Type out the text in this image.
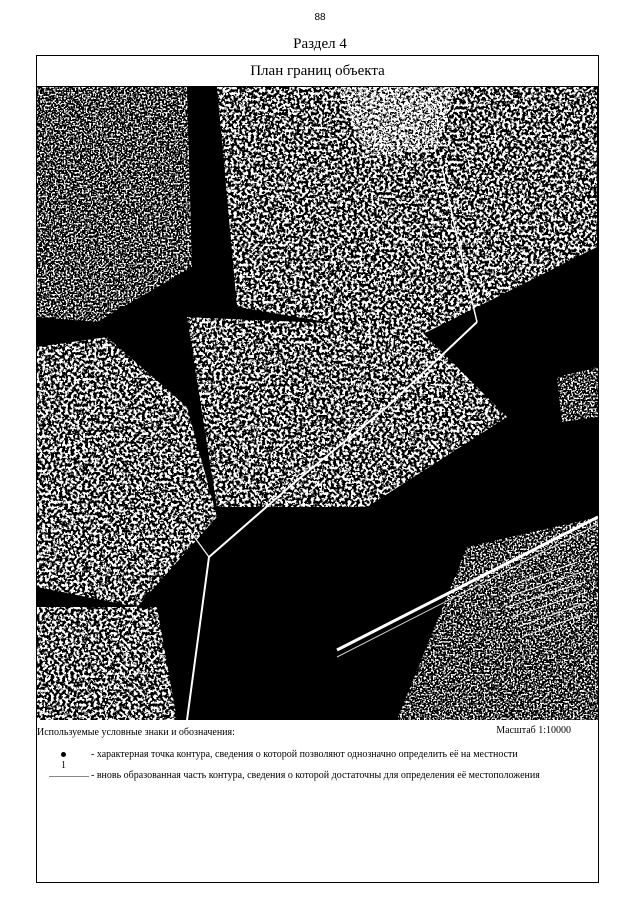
88
Раздел 4
План границ объекта
Используемые условные знаки и обозначения:	Масштаб 1:10000
1
- характерная точка контура, сведения о которой позволяют однозначно определить её на местности
- вновь образованная часть контура, сведения о которой достаточны для определения её местоположения
